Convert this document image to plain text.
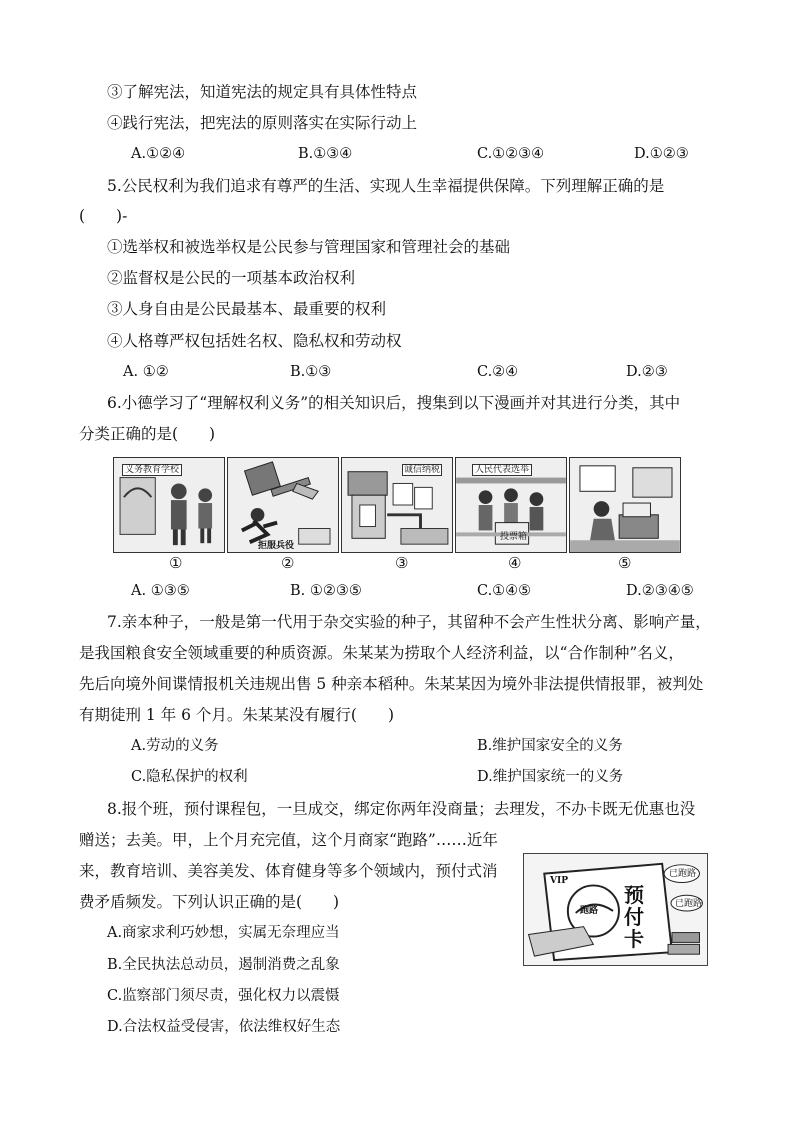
③了解宪法，知道宪法的规定具有具体性特点
④践行宪法，把宪法的原则落实在实际行动上
A.①②④	B.①③④	C.①②③④	D.①②③
5.公民权利为我们追求有尊严的生活、实现人生幸福提供保障。下列理解正确的是
(　　)-
①选举权和被选举权是公民参与管理国家和管理社会的基础
②监督权是公民的一项基本政治权利
③人身自由是公民最基本、最重要的权利
④人格尊严权包括姓名权、隐私权和劳动权
A. ①②	B.①③	C.②④	D.②③
6.小德学习了“理解权利义务”的相关知识后，搜集到以下漫画并对其进行分类，其中
分类正确的是(　　)
义务教育学校
拒服兵役
诚信纳税	人民代表选举
投票箱
①	②	③	④	⑤
A. ①③⑤	B. ①②③⑤	C.①④⑤	D.②③④⑤
7.亲本种子，一般是第一代用于杂交实验的种子，其留种不会产生性状分离、影响产量，
是我国粮食安全领域重要的种质资源。朱某某为捞取个人经济利益，以“合作制种”名义，
先后向境外间谍情报机关违规出售 5 种亲本稻种。朱某某因为境外非法提供情报罪，被判处
有期徒刑 1 年 6 个月。朱某某没有履行(　　)
A.劳动的义务	B.维护国家安全的义务
C.隐私保护的权利	D.维护国家统一的义务
8.报个班，预付课程包，一旦成交，绑定你两年没商量；去理发，不办卡既无优惠也没
赠送；去美。甲，上个月充完值，这个月商家“跑路”……近年
来，教育培训、美容美发、体育健身等多个领域内，预付式消
费矛盾频发。下列认识正确的是(　　)
A.商家求利巧妙想，实属无奈理应当
B.全民执法总动员，遏制消费之乱象
C.监察部门须尽责，强化权力以震慑
D.合法权益受侵害，依法维权好生态
VIP
跑路
预付卡
已跑路
已跑路
